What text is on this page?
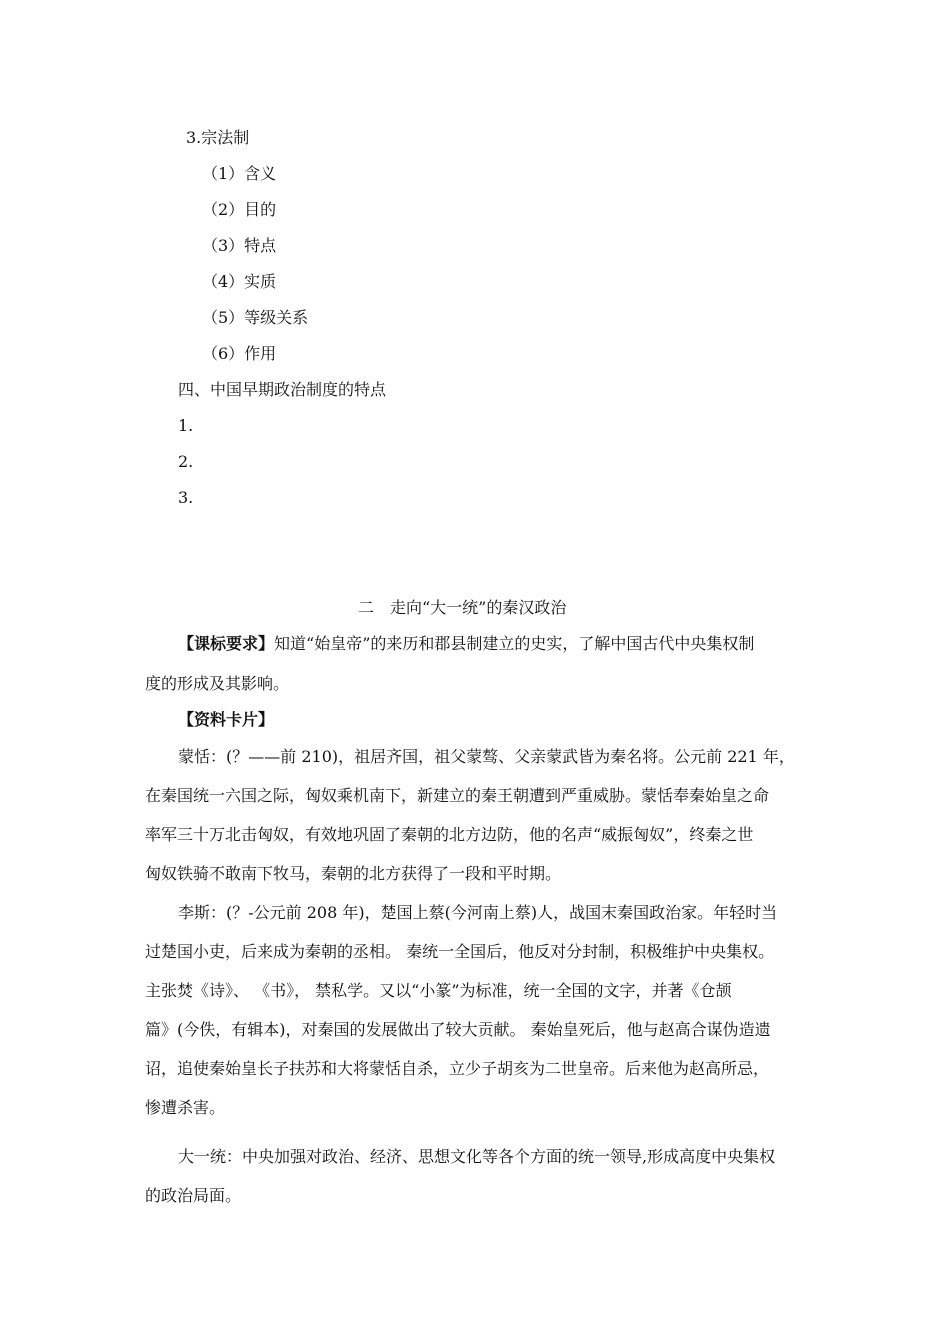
3.宗法制
（1）含义
（2）目的
（3）特点
（4）实质
（5）等级关系
（6）作用
四、中国早期政治制度的特点
1.
2.
3.
二　走向“大一统”的秦汉政治
【课标要求】知道“始皇帝”的来历和郡县制建立的史实，了解中国古代中央集权制
度的形成及其影响。
【资料卡片】
蒙恬：(？——前 210)，祖居齐国，祖父蒙骜、父亲蒙武皆为秦名将。公元前 221 年，
在秦国统一六国之际，匈奴乘机南下，新建立的秦王朝遭到严重威胁。蒙恬奉秦始皇之命
率军三十万北击匈奴，有效地巩固了秦朝的北方边防，他的名声“威振匈奴”，终秦之世
匈奴铁骑不敢南下牧马，秦朝的北方获得了一段和平时期。
李斯：(？-公元前 208 年)，楚国上蔡(今河南上蔡)人，战国末秦国政治家。年轻时当
过楚国小吏，后来成为秦朝的丞相。 秦统一全国后，他反对分封制，积极维护中央集权。
主张焚《诗》、 《书》， 禁私学。又以“小篆”为标准，统一全国的文字，并著《仓颉
篇》(今佚，有辑本)，对秦国的发展做出了较大贡献。 秦始皇死后，他与赵高合谋伪造遗
诏，追使秦始皇长子扶苏和大将蒙恬自杀，立少子胡亥为二世皇帝。后来他为赵高所忌，
惨遭杀害。
大一统：中央加强对政治、经济、思想文化等各个方面的统一领导,形成高度中央集权
的政治局面。
